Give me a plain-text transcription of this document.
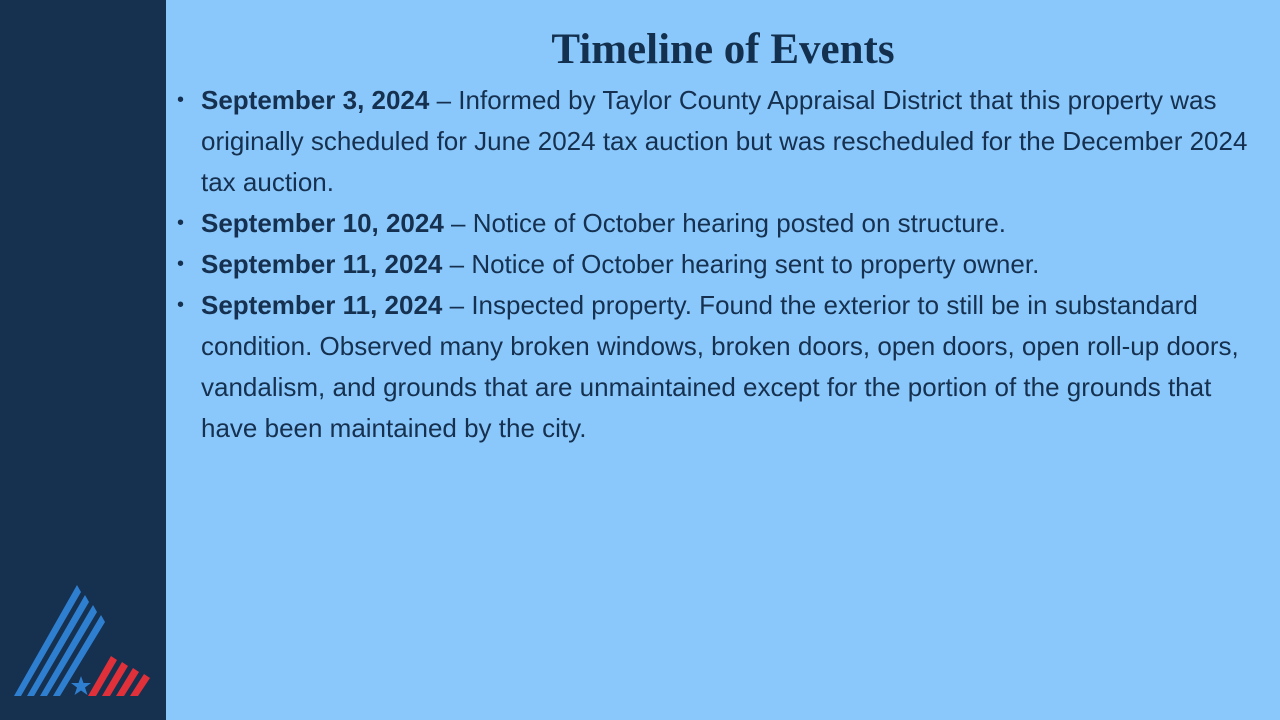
Timeline of Events
• September 3, 2024 – Informed by Taylor County Appraisal District that this property was originally scheduled for June 2024 tax auction but was rescheduled for the December 2024 tax auction.
• September 10, 2024 – Notice of October hearing posted on structure.
• September 11, 2024 – Notice of October hearing sent to property owner.
• September 11, 2024 – Inspected property. Found the exterior to still be in substandard condition. Observed many broken windows, broken doors, open doors, open roll-up doors, vandalism, and grounds that are unmaintained except for the portion of the grounds that have been maintained by the city.
